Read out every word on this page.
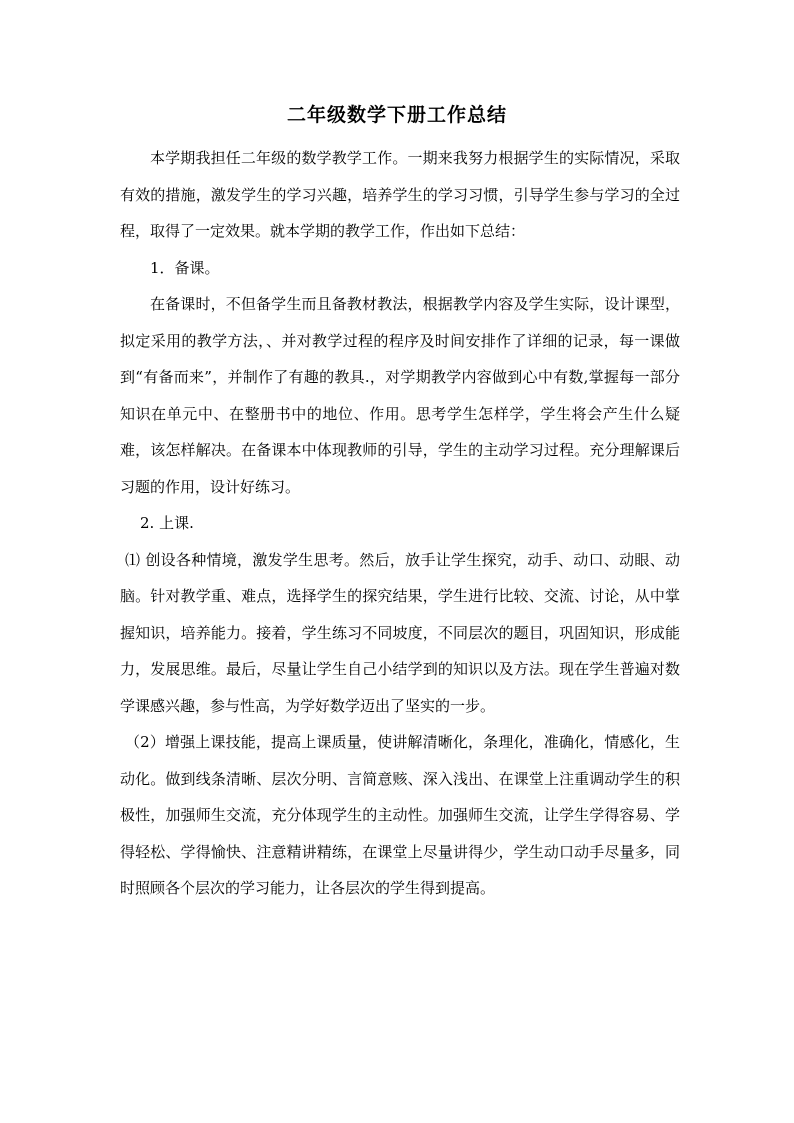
二年级数学下册工作总结

本学期我担任二年级的数学教学工作。一期来我努力根据学生的实际情况，采取有效的措施，激发学生的学习兴趣，培养学生的学习习惯，引导学生参与学习的全过程，取得了一定效果。就本学期的教学工作，作出如下总结：

1．备课。

在备课时，不但备学生而且备教材教法，根据教学内容及学生实际，设计课型，拟定采用的教学方法，、并对教学过程的程序及时间安排作了详细的记录，每一课做到“有备而来”，并制作了有趣的教具.，对学期教学内容做到心中有数,掌握每一部分知识在单元中、在整册书中的地位、作用。思考学生怎样学，学生将会产生什么疑难，该怎样解决。在备课本中体现教师的引导，学生的主动学习过程。充分理解课后习题的作用，设计好练习。

2. 上课.

⑴ 创设各种情境，激发学生思考。然后，放手让学生探究，动手、动口、动眼、动脑。针对教学重、难点，选择学生的探究结果，学生进行比较、交流、讨论，从中掌握知识，培养能力。接着，学生练习不同坡度，不同层次的题目，巩固知识，形成能力，发展思维。最后，尽量让学生自己小结学到的知识以及方法。现在学生普遍对数学课感兴趣，参与性高，为学好数学迈出了坚实的一步。

（2）增强上课技能，提高上课质量，使讲解清晰化，条理化，准确化，情感化，生动化。做到线条清晰、层次分明、言简意赅、深入浅出、在课堂上注重调动学生的积极性，加强师生交流，充分体现学生的主动性。加强师生交流，让学生学得容易、学得轻松、学得愉快、注意精讲精练，在课堂上尽量讲得少，学生动口动手尽量多，同时照顾各个层次的学习能力，让各层次的学生得到提高。
